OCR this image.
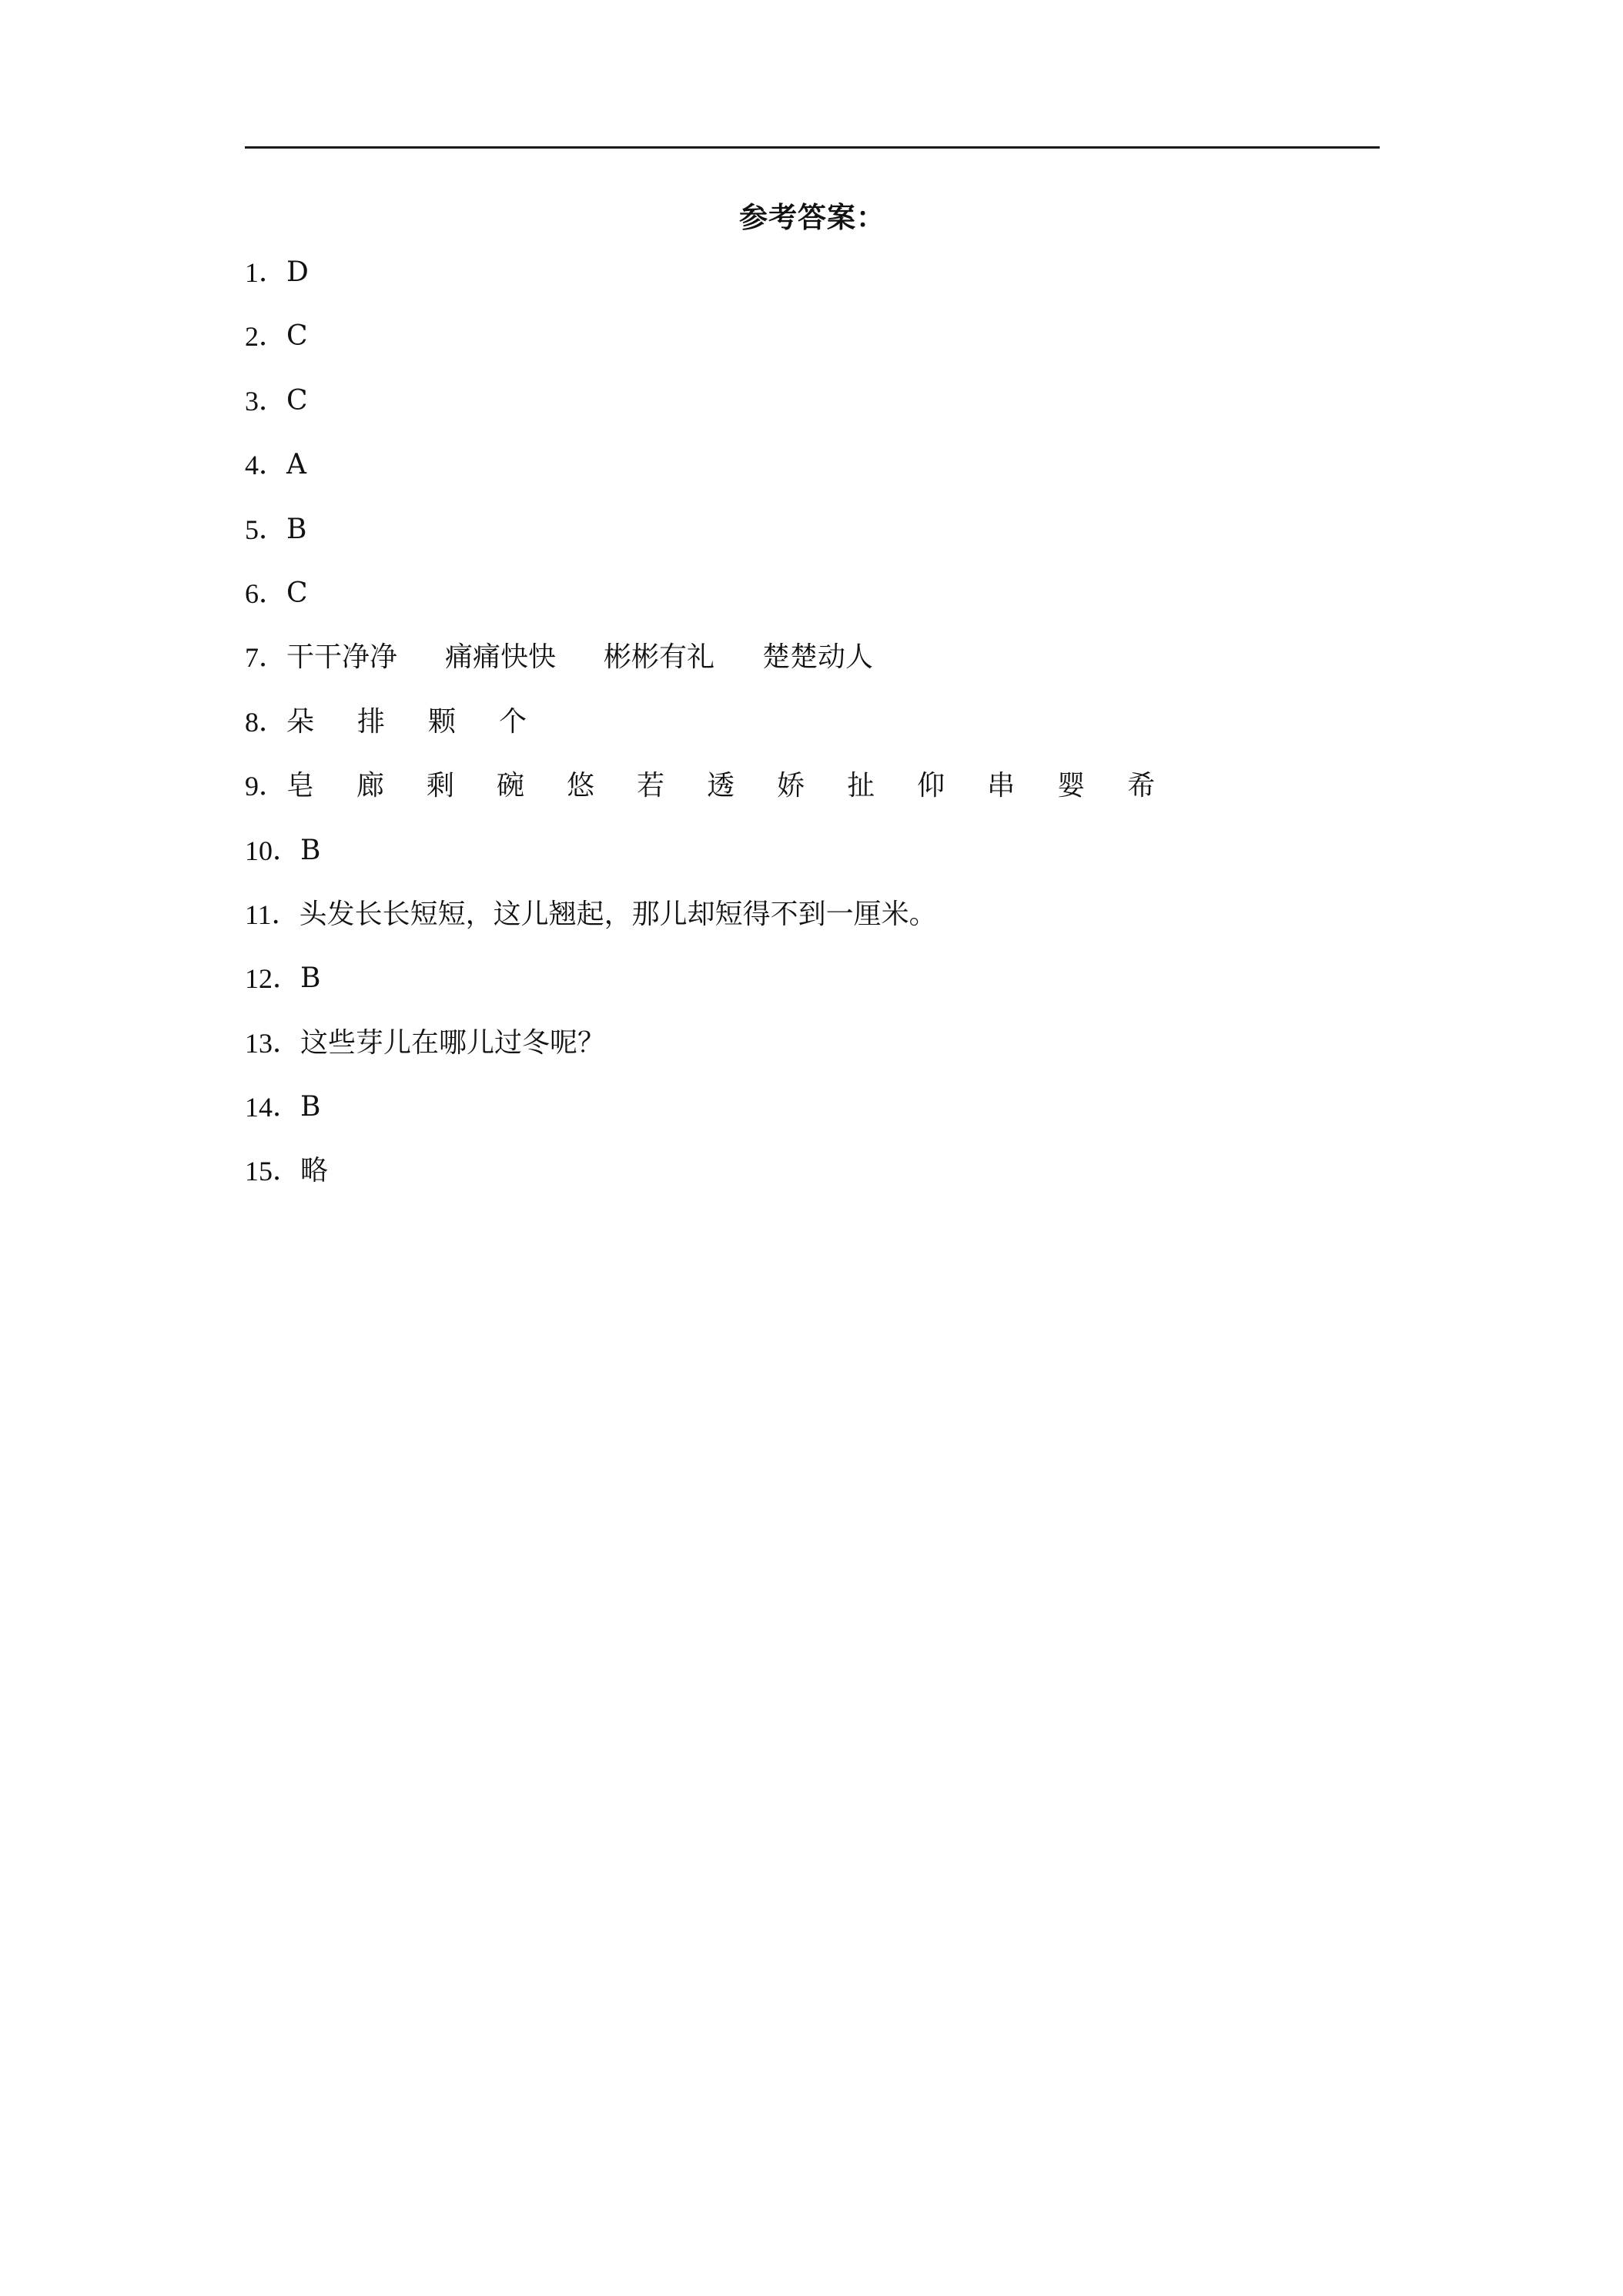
参考答案：
1 ． D
2 ． C
3 ． C
4 ． A
5 ． B
6 ． C
7 ． 干干净净 痛痛快快 彬彬有礼 楚楚动人
8 ． 朵 排 颗 个
9 ． 皂 廊 剩 碗 悠 若 透 娇 扯 仰 串 婴 希
10 ． B
11 ． 头发长长短短，这儿翘起，那儿却短得不到一厘米。
12 ． B
13 ． 这些芽儿在哪儿过冬呢？
14 ． B
15 ． 略
